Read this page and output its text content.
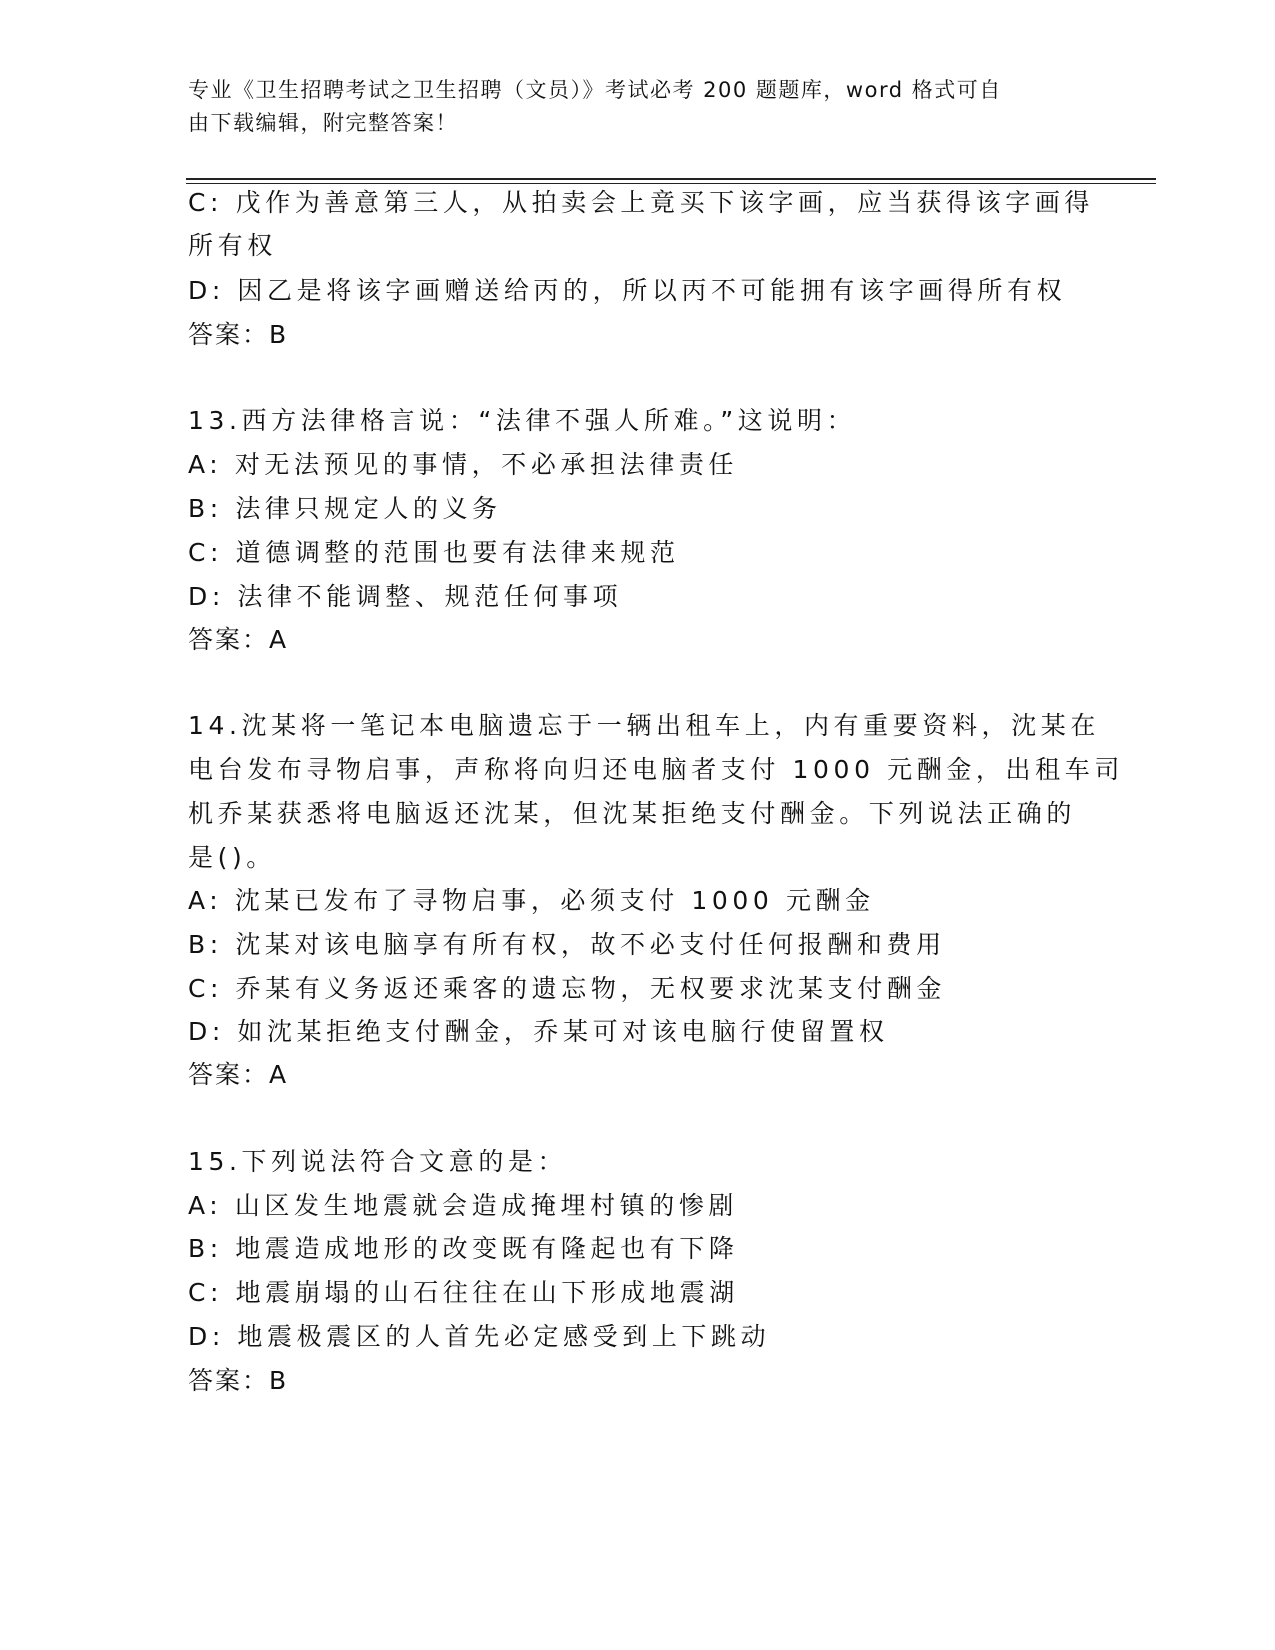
专业《卫生招聘考试之卫生招聘（文员）》考试必考 200 题题库，word 格式可自
由下载编辑，附完整答案！
C: 戊作为善意第三人，从拍卖会上竟买下该字画，应当获得该字画得
所有权
D: 因乙是将该字画赠送给丙的，所以丙不可能拥有该字画得所有权
答案：B
13.西方法律格言说：“法律不强人所难。”这说明：
A: 对无法预见的事情，不必承担法律责任
B: 法律只规定人的义务
C: 道德调整的范围也要有法律来规范
D: 法律不能调整、规范任何事项
答案：A
14.沈某将一笔记本电脑遗忘于一辆出租车上，内有重要资料，沈某在
电台发布寻物启事，声称将向归还电脑者支付 1000 元酬金，出租车司
机乔某获悉将电脑返还沈某，但沈某拒绝支付酬金。下列说法正确的
是()。
A: 沈某已发布了寻物启事，必须支付 1000 元酬金
B: 沈某对该电脑享有所有权，故不必支付任何报酬和费用
C: 乔某有义务返还乘客的遗忘物，无权要求沈某支付酬金
D: 如沈某拒绝支付酬金，乔某可对该电脑行使留置权
答案：A
15.下列说法符合文意的是：
A: 山区发生地震就会造成掩埋村镇的惨剧
B: 地震造成地形的改变既有隆起也有下降
C: 地震崩塌的山石往往在山下形成地震湖
D: 地震极震区的人首先必定感受到上下跳动
答案：B
